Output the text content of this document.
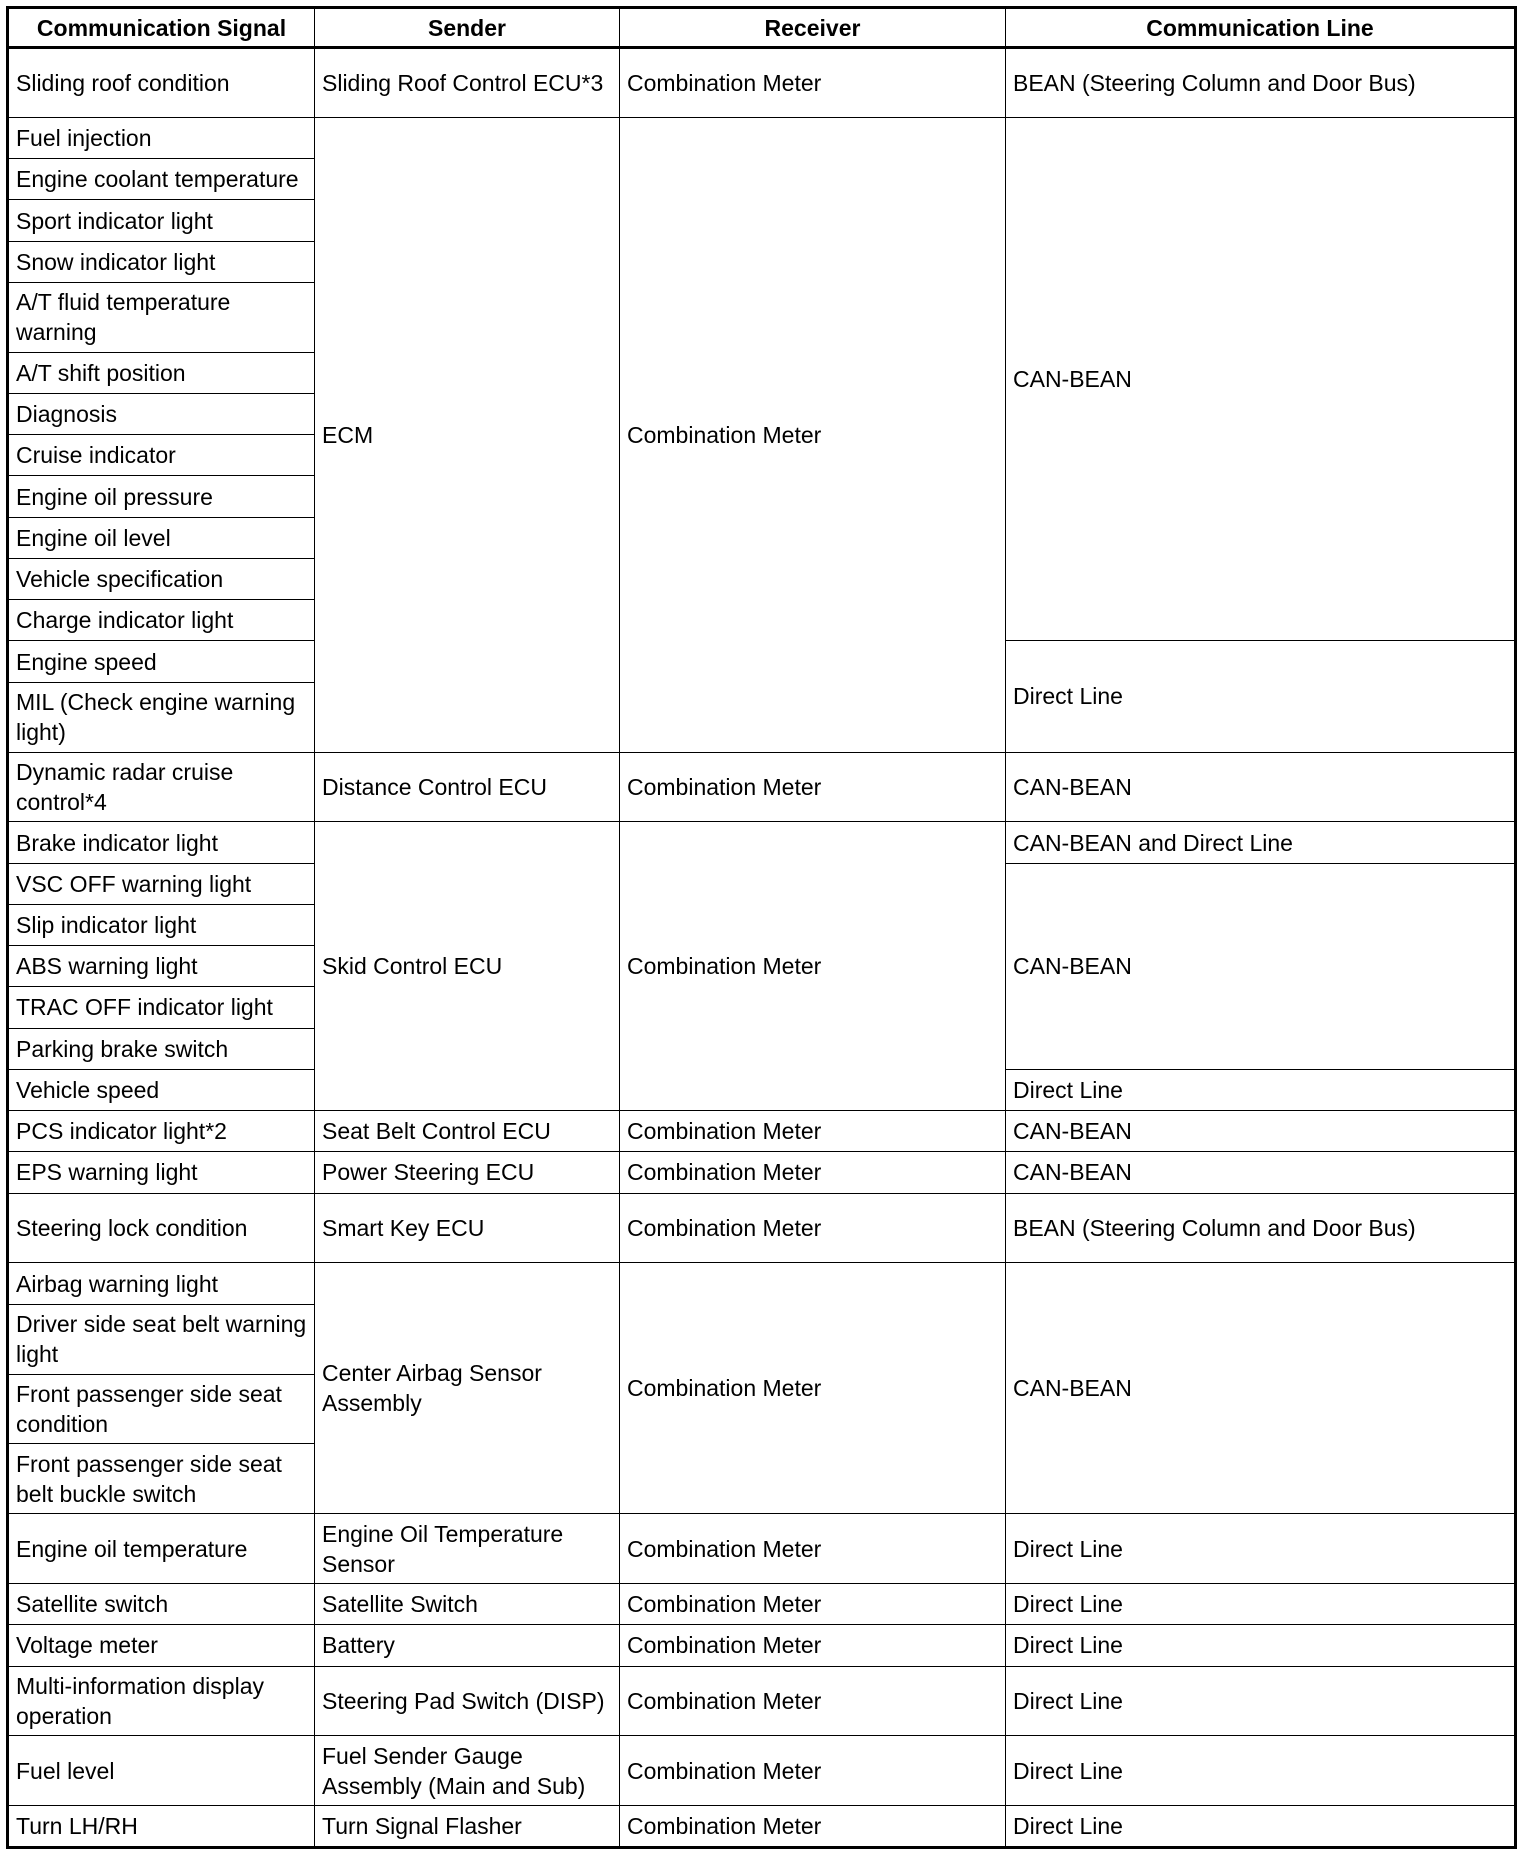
Communication Signal	Sender	Receiver	Communication Line
Sliding roof condition	Sliding Roof Control ECU*3	Combination Meter	BEAN (Steering Column and Door Bus)
Fuel injection	ECM	Combination Meter	CAN-BEAN
Engine coolant temperature			
Sport indicator light			
Snow indicator light			
A/T fluid temperature warning			
A/T shift position			
Diagnosis			
Cruise indicator			
Engine oil pressure			
Engine oil level			
Vehicle specification			
Charge indicator light			
Engine speed			Direct Line
MIL (Check engine warning light)			
Dynamic radar cruise control*4	Distance Control ECU	Combination Meter	CAN-BEAN
Brake indicator light	Skid Control ECU	Combination Meter	CAN-BEAN and Direct Line
VSC OFF warning light			CAN-BEAN
Slip indicator light			
ABS warning light			
TRAC OFF indicator light			
Parking brake switch			
Vehicle speed			Direct Line
PCS indicator light*2	Seat Belt Control ECU	Combination Meter	CAN-BEAN
EPS warning light	Power Steering ECU	Combination Meter	CAN-BEAN
Steering lock condition	Smart Key ECU	Combination Meter	BEAN (Steering Column and Door Bus)
Airbag warning light	Center Airbag Sensor Assembly	Combination Meter	CAN-BEAN
Driver side seat belt warning light			
Front passenger side seat condition			
Front passenger side seat belt buckle switch			
Engine oil temperature	Engine Oil Temperature Sensor	Combination Meter	Direct Line
Satellite switch	Satellite Switch	Combination Meter	Direct Line
Voltage meter	Battery	Combination Meter	Direct Line
Multi-information display operation	Steering Pad Switch (DISP)	Combination Meter	Direct Line
Fuel level	Fuel Sender Gauge Assembly (Main and Sub)	Combination Meter	Direct Line
Turn LH/RH	Turn Signal Flasher	Combination Meter	Direct Line
